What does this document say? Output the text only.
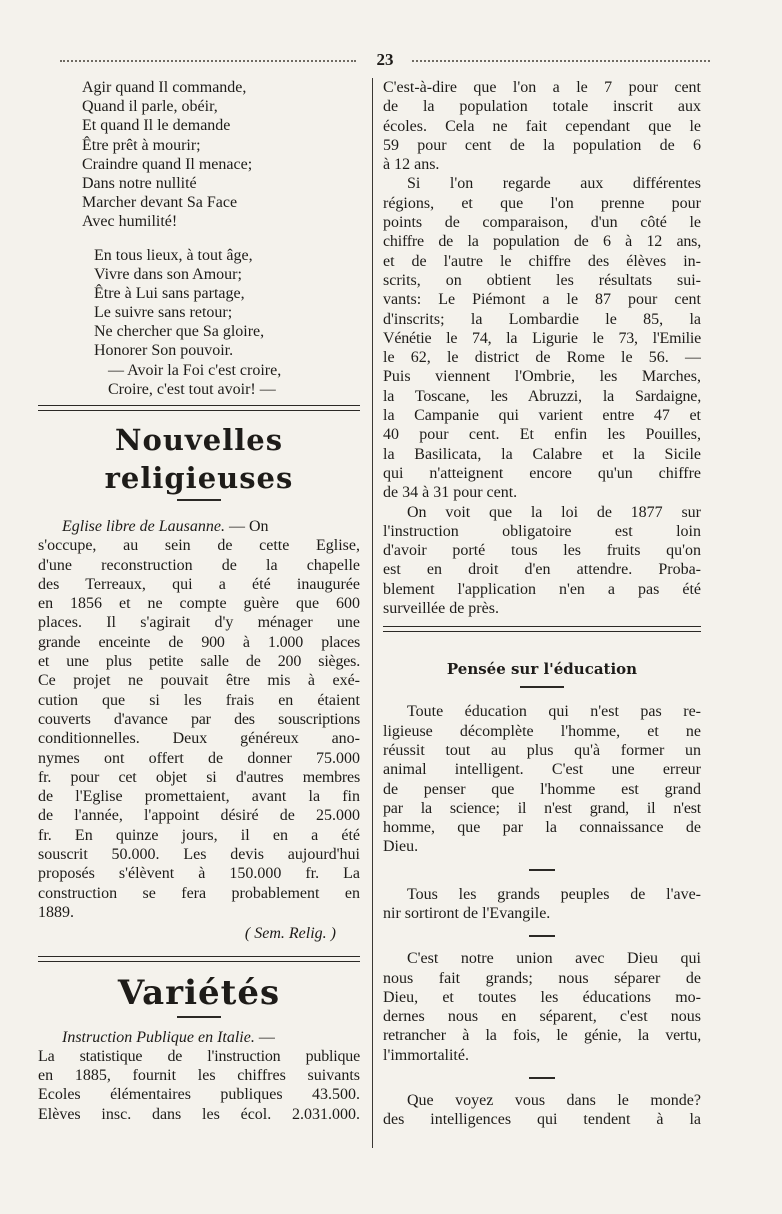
23
Agir quand Il commande,
Quand il parle, obéir,
Et quand Il le demande
Être prêt à mourir;
Craindre quand Il menace;
Dans notre nullité
Marcher devant Sa Face
Avec humilité!
En tous lieux, à tout âge,
Vivre dans son Amour;
Être à Lui sans partage,
Le suivre sans retour;
Ne chercher que Sa gloire,
Honorer Son pouvoir.
— Avoir la Foi c'est croire,
Croire, c'est tout avoir! —
Nouvelles religieuses
Eglise libre de Lausanne. — On
s'occupe, au sein de cette Eglise,
d'une reconstruction de la chapelle
des Terreaux, qui a été inaugurée
en 1856 et ne compte guère que 600
places. Il s'agirait d'y ménager une
grande enceinte de 900 à 1.000 places
et une plus petite salle de 200 sièges.
Ce projet ne pouvait être mis à exé-
cution que si les frais en étaient
couverts d'avance par des souscriptions
conditionnelles. Deux généreux ano-
nymes ont offert de donner 75.000
fr. pour cet objet si d'autres membres
de l'Eglise promettaient, avant la fin
de l'année, l'appoint désiré de 25.000
fr. En quinze jours, il en a été
souscrit 50.000. Les devis aujourd'hui
proposés s'élèvent à 150.000 fr. La
construction se fera probablement en
1889.
( Sem. Relig. )
Variétés
Instruction Publique en Italie. —
La statistique de l'instruction publique
en 1885, fournit les chiffres suivants
Ecoles élémentaires publiques 43.500.
Elèves insc. dans les écol. 2.031.000.
C'est-à-dire que l'on a le 7 pour cent
de la population totale inscrit aux
écoles. Cela ne fait cependant que le
59 pour cent de la population de 6
à 12 ans.
Si l'on regarde aux différentes
régions, et que l'on prenne pour
points de comparaison, d'un côté le
chiffre de la population de 6 à 12 ans,
et de l'autre le chiffre des élèves in-
scrits, on obtient les résultats sui-
vants: Le Piémont a le 87 pour cent
d'inscrits; la Lombardie le 85, la
Vénétie le 74, la Ligurie le 73, l'Emilie
le 62, le district de Rome le 56. —
Puis viennent l'Ombrie, les Marches,
la Toscane, les Abruzzi, la Sardaigne,
la Campanie qui varient entre 47 et
40 pour cent. Et enfin les Pouilles,
la Basilicata, la Calabre et la Sicile
qui n'atteignent encore qu'un chiffre
de 34 à 31 pour cent.
On voit que la loi de 1877 sur
l'instruction obligatoire est loin
d'avoir porté tous les fruits qu'on
est en droit d'en attendre. Proba-
blement l'application n'en a pas été
surveillée de près.
Pensée sur l'éducation
Toute éducation qui n'est pas re-
ligieuse décomplète l'homme, et ne
réussit tout au plus qu'à former un
animal intelligent. C'est une erreur
de penser que l'homme est grand
par la science; il n'est grand, il n'est
homme, que par la connaissance de
Dieu.
Tous les grands peuples de l'ave-
nir sortiront de l'Evangile.
C'est notre union avec Dieu qui
nous fait grands; nous séparer de
Dieu, et toutes les éducations mo-
dernes nous en séparent, c'est nous
retrancher à la fois, le génie, la vertu,
l'immortalité.
Que voyez vous dans le monde?
des intelligences qui tendent à la
